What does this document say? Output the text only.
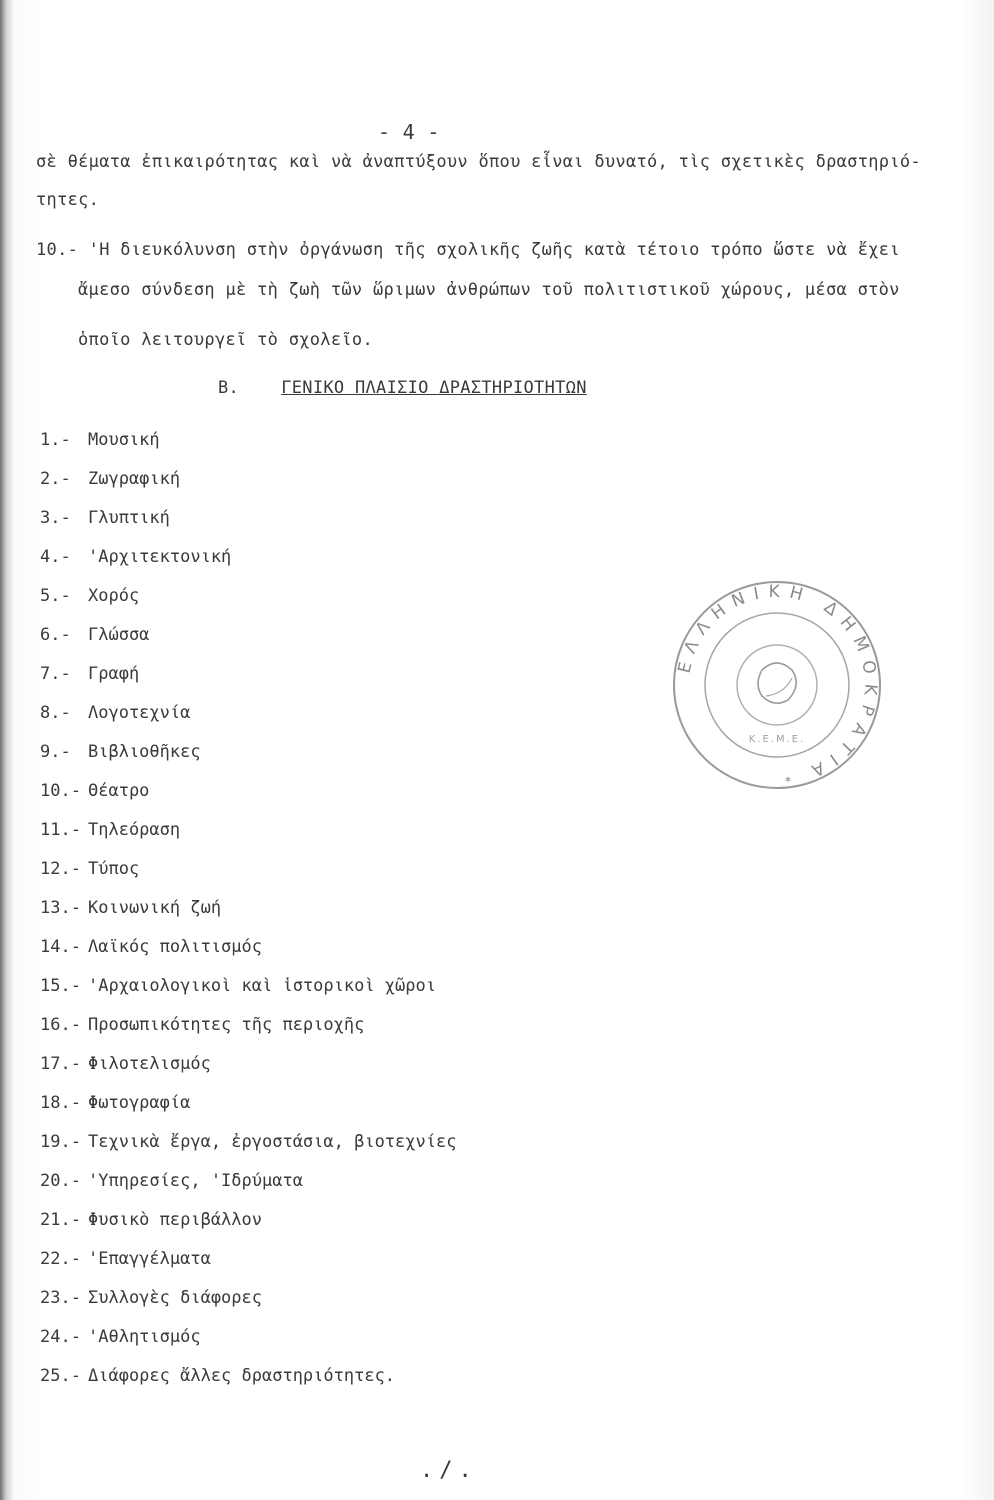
- 4 -
σὲ θέματα ἐπικαιρότητας καὶ νὰ ἀναπτύξουν ὅπου εἶναι δυνατό, τὶς σχετικὲς δραστηριό-
τητες.
10.- 'Η διευκόλυνση στὴν ὀργάνωση τῆς σχολικῆς ζωῆς κατὰ τέτοιο τρόπο ὥστε νὰ ἔχει
ἄμεσο σύνδεση μὲ τὴ ζωὴ τῶν ὥριμων ἀνθρώπων τοῦ πολιτιστικοῦ χώρους, μέσα στὸν
ὁποῖο λειτουργεῖ τὸ σχολεῖο.
B. ΓΕΝΙΚΟ ΠΛΑΙΣΙΟ ΔΡΑΣΤΗΡΙΟΤΗΤΩΝ
1.- Μουσική
2.- Ζωγραφική
3.- Γλυπτική
4.- 'Αρχιτεκτονική
5.- Χορός
6.- Γλώσσα
7.- Γραφή
8.- Λογοτεχνία
9.- Βιβλιοθῆκες
10.- Θέατρο
11.- Τηλεόραση
12.- Τύπος
13.- Κοινωνική ζωή
14.- Λαϊκός πολιτισμός
15.- 'Αρχαιολογικοὶ καὶ ἱστορικοὶ χῶροι
16.- Προσωπικότητες τῆς περιοχῆς
17.- Φιλοτελισμός
18.- Φωτογραφία
19.- Τεχνικὰ ἔργα, ἐργοστάσια, βιοτεχνίες
20.- 'Υπηρεσίες, 'Ιδρύματα
21.- Φυσικὸ περιβάλλον
22.- 'Επαγγέλματα
23.- Συλλογὲς διάφορες
24.- 'Αθλητισμός
25.- Διάφορες ἄλλες δραστηριότητες.
ΕΛΛΗΝΙΚΗ ΔΗΜΟΚΡΑΤΙΑ
Κ.Ε.Μ.Ε.
✶
./.
